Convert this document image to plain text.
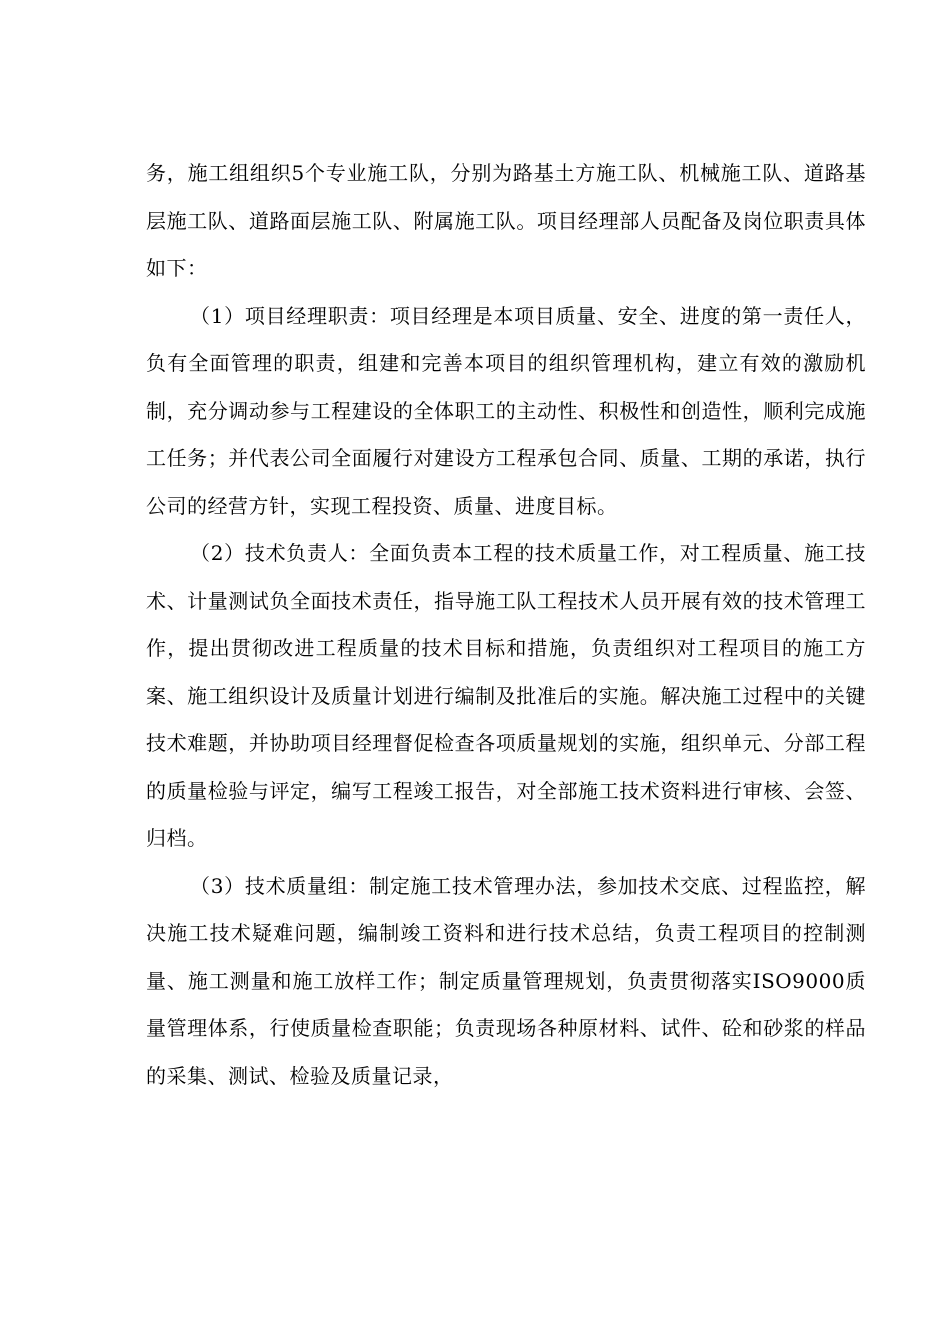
务，施工组组织5个专业施工队，分别为路基土方施工队、机械施工队、道路基层施工队、道路面层施工队、附属施工队。项目经理部人员配备及岗位职责具体如下：

（1）项目经理职责：项目经理是本项目质量、安全、进度的第一责任人，负有全面管理的职责，组建和完善本项目的组织管理机构，建立有效的激励机制，充分调动参与工程建设的全体职工的主动性、积极性和创造性，顺利完成施工任务；并代表公司全面履行对建设方工程承包合同、质量、工期的承诺，执行公司的经营方针，实现工程投资、质量、进度目标。

（2）技术负责人：全面负责本工程的技术质量工作，对工程质量、施工技术、计量测试负全面技术责任，指导施工队工程技术人员开展有效的技术管理工作，提出贯彻改进工程质量的技术目标和措施，负责组织对工程项目的施工方案、施工组织设计及质量计划进行编制及批准后的实施。解决施工过程中的关键技术难题，并协助项目经理督促检查各项质量规划的实施，组织单元、分部工程的质量检验与评定，编写工程竣工报告，对全部施工技术资料进行审核、会签、归档。

（3）技术质量组：制定施工技术管理办法，参加技术交底、过程监控，解决施工技术疑难问题，编制竣工资料和进行技术总结，负责工程项目的控制测量、施工测量和施工放样工作；制定质量管理规划，负责贯彻落实ISO9000质量管理体系，行使质量检查职能；负责现场各种原材料、试件、砼和砂浆的样品的采集、测试、检验及质量记录，
